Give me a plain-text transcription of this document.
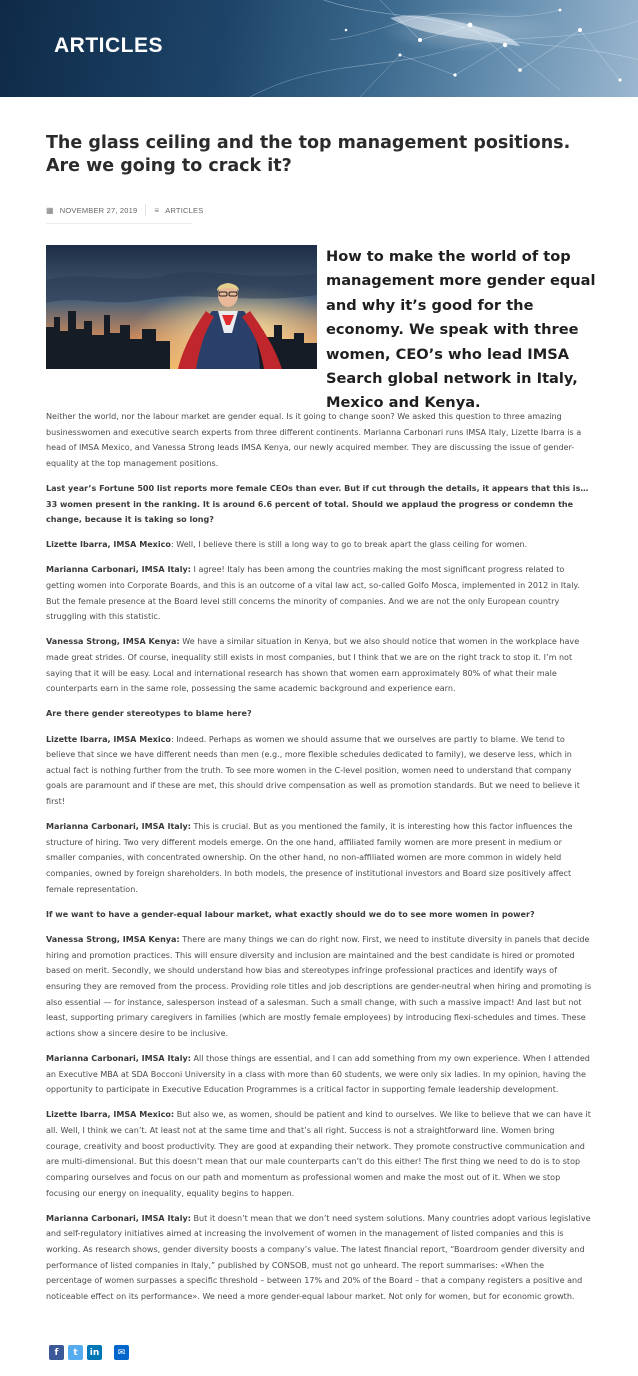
ARTICLES
The glass ceiling and the top management positions. Are we going to crack it?
▦ NOVEMBER 27, 2019 ≡ ARTICLES

How to make the world of top management more gender equal and why it’s good for the economy. We speak with three women, CEO’s who lead IMSA Search global network in Italy, Mexico and Kenya.

Neither the world, nor the labour market are gender equal. Is it going to change soon? We asked this question to three amazing businesswomen and executive search experts from three different continents. Marianna Carbonari runs IMSA Italy, Lizette Ibarra is a head of IMSA Mexico, and Vanessa Strong leads IMSA Kenya, our newly acquired member. They are discussing the issue of gender-equality at the top management positions.

Last year’s Fortune 500 list reports more female CEOs than ever. But if cut through the details, it appears that this is… 33 women present in the ranking. It is around 6.6 percent of total. Should we applaud the progress or condemn the change, because it is taking so long?

Lizette Ibarra, IMSA Mexico: Well, I believe there is still a long way to go to break apart the glass ceiling for women.

Marianna Carbonari, IMSA Italy: I agree! Italy has been among the countries making the most significant progress related to getting women into Corporate Boards, and this is an outcome of a vital law act, so-called Golfo Mosca, implemented in 2012 in Italy. But the female presence at the Board level still concerns the minority of companies. And we are not the only European country struggling with this statistic.

Vanessa Strong, IMSA Kenya: We have a similar situation in Kenya, but we also should notice that women in the workplace have made great strides. Of course, inequality still exists in most companies, but I think that we are on the right track to stop it. I’m not saying that it will be easy. Local and international research has shown that women earn approximately 80% of what their male counterparts earn in the same role, possessing the same academic background and experience earn.

Are there gender stereotypes to blame here?

Lizette Ibarra, IMSA Mexico: Indeed. Perhaps as women we should assume that we ourselves are partly to blame. We tend to believe that since we have different needs than men (e.g., more flexible schedules dedicated to family), we deserve less, which in actual fact is nothing further from the truth. To see more women in the C-level position, women need to understand that company goals are paramount and if these are met, this should drive compensation as well as promotion standards. But we need to believe it first!

Marianna Carbonari, IMSA Italy: This is crucial. But as you mentioned the family, it is interesting how this factor influences the structure of hiring. Two very different models emerge. On the one hand, affiliated family women are more present in medium or smaller companies, with concentrated ownership. On the other hand, no non-affiliated women are more common in widely held companies, owned by foreign shareholders. In both models, the presence of institutional investors and Board size positively affect female representation.

If we want to have a gender-equal labour market, what exactly should we do to see more women in power?

Vanessa Strong, IMSA Kenya: There are many things we can do right now. First, we need to institute diversity in panels that decide hiring and promotion practices. This will ensure diversity and inclusion are maintained and the best candidate is hired or promoted based on merit. Secondly, we should understand how bias and stereotypes infringe professional practices and identify ways of ensuring they are removed from the process. Providing role titles and job descriptions are gender-neutral when hiring and promoting is also essential — for instance, salesperson instead of a salesman. Such a small change, with such a massive impact! And last but not least, supporting primary caregivers in families (which are mostly female employees) by introducing flexi-schedules and times. These actions show a sincere desire to be inclusive.

Marianna Carbonari, IMSA Italy: All those things are essential, and I can add something from my own experience. When I attended an Executive MBA at SDA Bocconi University in a class with more than 60 students, we were only six ladies. In my opinion, having the opportunity to participate in Executive Education Programmes is a critical factor in supporting female leadership development.

Lizette Ibarra, IMSA Mexico: But also we, as women, should be patient and kind to ourselves. We like to believe that we can have it all. Well, I think we can’t. At least not at the same time and that’s all right. Success is not a straightforward line. Women bring courage, creativity and boost productivity. They are good at expanding their network. They promote constructive communication and are multi-dimensional. But this doesn’t mean that our male counterparts can’t do this either! The first thing we need to do is to stop comparing ourselves and focus on our path and momentum as professional women and make the most out of it. When we stop focusing our energy on inequality, equality begins to happen.

Marianna Carbonari, IMSA Italy: But it doesn’t mean that we don’t need system solutions. Many countries adopt various legislative and self-regulatory initiatives aimed at increasing the involvement of women in the management of listed companies and this is working. As research shows, gender diversity boosts a company’s value. The latest financial report, “Boardroom gender diversity and performance of listed companies in Italy,” published by CONSOB, must not go unheard. The report summarises: «When the percentage of women surpasses a specific threshold – between 17% and 20% of the Board – that a company registers a positive and noticeable effect on its performance». We need a more gender-equal labour market. Not only for women, but for economic growth.

f	t	in	✉
